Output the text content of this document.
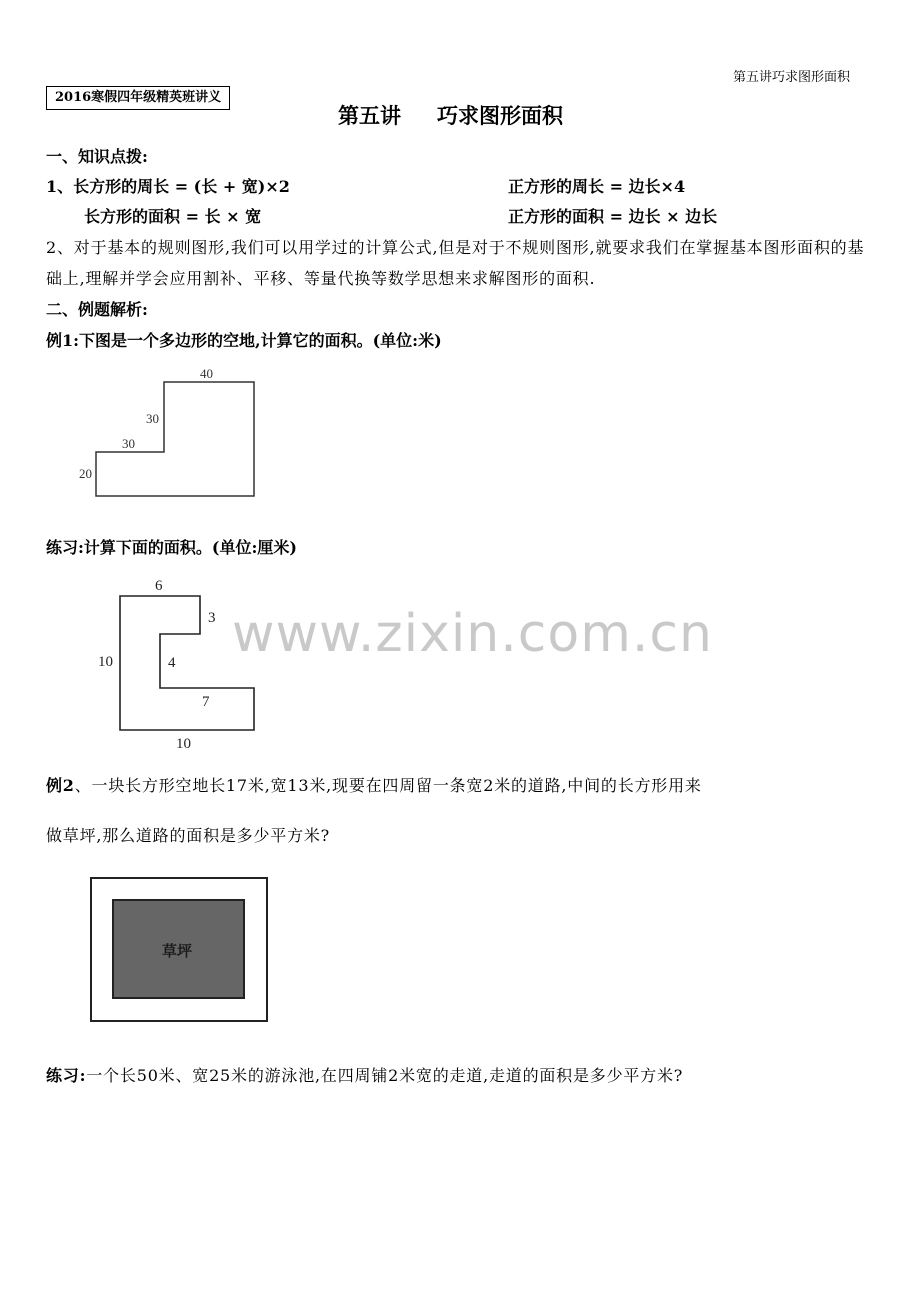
第五讲巧求图形面积
2016寒假四年级精英班讲义
第五讲 巧求图形面积
一、知识点拨:
1、长方形的周长 = (长 + 宽)×2	正方形的周长 = 边长×4
长方形的面积 = 长 × 宽	正方形的面积 = 边长 × 边长
2、对于基本的规则图形,我们可以用学过的计算公式,但是对于不规则图形,就要求我们在掌握基本图形面积的基础上,理解并学会应用割补、平移、等量代换等数学思想来求解图形的面积.
二、例题解析:
例1:下图是一个多边形的空地,计算它的面积。(单位:米)
40
30
30
20
练习:计算下面的面积。(单位:厘米)
6
3
10	4
7
10
www.zixin.com.cn
例2、一块长方形空地长17米,宽13米,现要在四周留一条宽2米的道路,中间的长方形用来
做草坪,那么道路的面积是多少平方米?
草坪
练习:一个长50米、宽25米的游泳池,在四周铺2米宽的走道,走道的面积是多少平方米?
